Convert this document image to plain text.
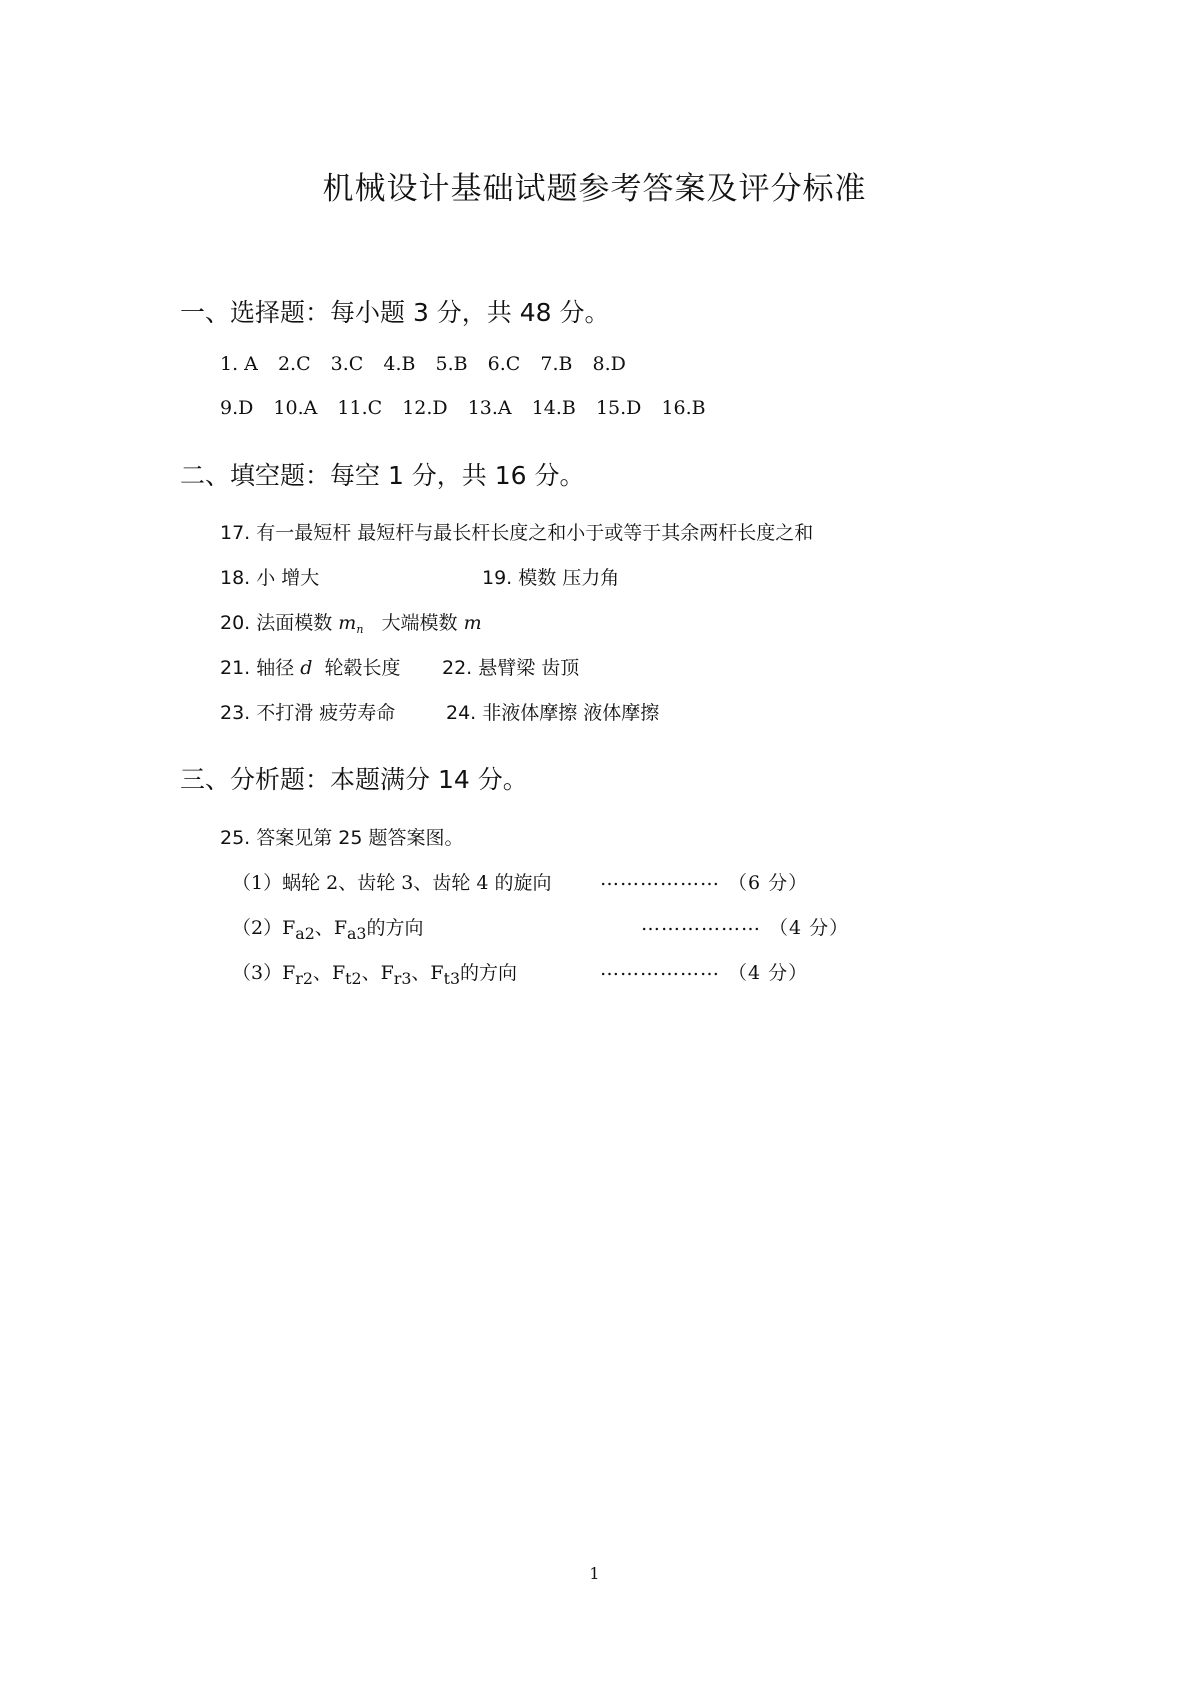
机械设计基础试题参考答案及评分标准
一、选择题：每小题 3 分，共 48 分。
1. A 2.C 3.C 4.B 5.B 6.C 7.B 8.D
9.D 10.A 11.C 12.D 13.A 14.B 15.D 16.B
二、填空题：每空 1 分，共 16 分。
17. 有一最短杆 最短杆与最长杆长度之和小于或等于其余两杆长度之和
18. 小 增大	19. 模数 压力角
20. 法面模数 $m_n$   大端模数 m
21. 轴径 d  轮毂长度 22. 悬臂梁 齿顶
23. 不打滑 疲劳寿命	24. 非液体摩擦 液体摩擦
三、分析题：本题满分 14 分。
25. 答案见第 25 题答案图。
（1）蜗轮 2、齿轮 3、齿轮 4 的旋向	……………… （6 分）
$(2)F_{a2}$、$F_{a3}$的方向	……………… （4 分）
$(3)F_{r2}$、$F_{t2}$、$F_{r3}$、$F_{t3}$的方向	……………… （4 分）
1
